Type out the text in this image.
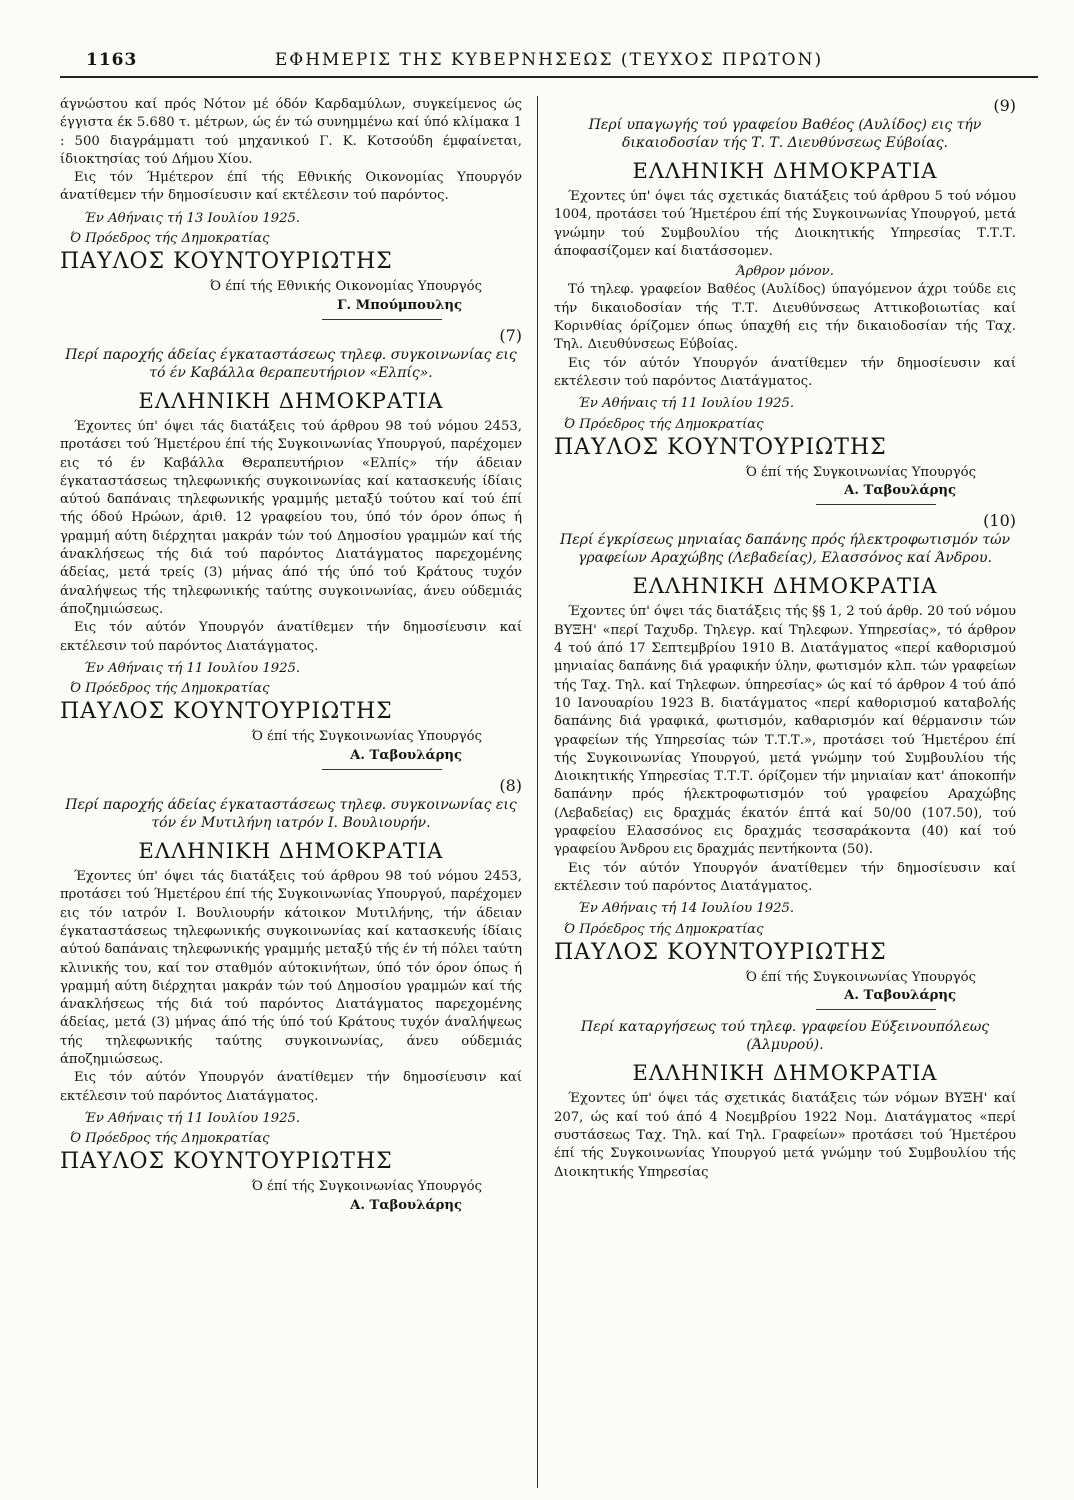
1163	ΕΦΗΜΕΡΙΣ ΤΗΣ ΚΥΒΕΡΝΗΣΕΩΣ (ΤΕΥΧΟΣ ΠΡΩΤΟΝ)

άγνώστου καί πρός Νότον μέ όδόν Καρδαμύλων, συγκείμενος ώς έγγιστα έκ 5.680 τ. μέτρων, ώς έν τώ συνημμένω καί ύπό κλίμακα 1 : 500 διαγράμματι τού μηχανικού Γ. Κ. Κοτσούδη έμφαίνεται, ίδιοκτησίας τού Δήμου Χίου.

Εις τόν Ήμέτερον έπί τής Εθνικής Οικονομίας Υπουργόν άνατίθεμεν τήν δημοσίευσιν καί εκτέλεσιν τού παρόντος.

Έν Αθήναις τή 13 Ιουλίου 1925.

Ό Πρόεδρος τής Δημοκρατίας

ΠΑΥΛΟΣ ΚΟΥΝΤΟΥΡΙΩΤΗΣ

Ό έπί τής Εθνικής Οικονομίας Υπουργός

Γ. Μπούμπουλης

(7)

Περί παροχής άδείας έγκαταστάσεως τηλεφ. συγκοινωνίας εις τό έν Καβάλλα θεραπευτήριον «Ελπίς».

ΕΛΛΗΝΙΚΗ ΔΗΜΟΚΡΑΤΙΑ

Έχοντες ύπ' όψει τάς διατάξεις τού άρθρου 98 τού νόμου 2453, προτάσει τού Ήμετέρου έπί τής Συγκοινωνίας Υπουργού, παρέχομεν εις τό έν Καβάλλα Θεραπευτήριον «Ελπίς» τήν άδειαν έγκαταστάσεως τηλεφωνικής συγκοινωνίας καί κατασκευής ίδίαις αύτού δαπάναις τηλεφωνικής γραμμής μεταξύ τούτου καί τού έπί τής όδού Ηρώων, άριθ. 12 γραφείου του, ύπό τόν όρον όπως ή γραμμή αύτη διέρχηται μακράν τών τού Δημοσίου γραμμών καί τής άνακλήσεως τής διά τού παρόντος Διατάγματος παρεχομένης άδείας, μετά τρείς (3) μήνας άπό τής ύπό τού Κράτους τυχόν άναλήψεως τής τηλεφωνικής ταύτης συγκοινωνίας, άνευ ούδεμιάς άποζημιώσεως.

Εις τόν αύτόν Υπουργόν άνατίθεμεν τήν δημοσίευσιν καί εκτέλεσιν τού παρόντος Διατάγματος.

Έν Αθήναις τή 11 Ιουλίου 1925.

Ό Πρόεδρος τής Δημοκρατίας

ΠΑΥΛΟΣ ΚΟΥΝΤΟΥΡΙΩΤΗΣ

Ό έπί τής Συγκοινωνίας Υπουργός

Α. Ταβουλάρης

(8)

Περί παροχής άδείας έγκαταστάσεως τηλεφ. συγκοινωνίας εις τόν έν Μυτιλήνη ιατρόν Ι. Βουλιουρήν.

ΕΛΛΗΝΙΚΗ ΔΗΜΟΚΡΑΤΙΑ

Έχοντες ύπ' όψει τάς διατάξεις τού άρθρου 98 τού νόμου 2453, προτάσει τού Ήμετέρου έπί τής Συγκοινωνίας Υπουργού, παρέχομεν εις τόν ιατρόν Ι. Βουλιουρήν κάτοικον Μυτιλήνης, τήν άδειαν έγκαταστάσεως τηλεφωνικής συγκοινωνίας καί κατασκευής ίδίαις αύτού δαπάναις τηλεφωνικής γραμμής μεταξύ τής έν τή πόλει ταύτη κλινικής του, καί τον σταθμόν αύτοκινήτων, ύπό τόν όρον όπως ή γραμμή αύτη διέρχηται μακράν τών τού Δημοσίου γραμμών καί τής άνακλήσεως τής διά τού παρόντος Διατάγματος παρεχομένης άδείας, μετά (3) μήνας άπό τής ύπό τού Κράτους τυχόν άναλήψεως τής τηλεφωνικής ταύτης συγκοινωνίας, άνευ ούδεμιάς άποζημιώσεως.

Εις τόν αύτόν Υπουργόν άνατίθεμεν τήν δημοσίευσιν καί εκτέλεσιν τού παρόντος Διατάγματος.

Έν Αθήναις τή 11 Ιουλίου 1925.

Ό Πρόεδρος τής Δημοκρατίας

ΠΑΥΛΟΣ ΚΟΥΝΤΟΥΡΙΩΤΗΣ

Ό έπί τής Συγκοινωνίας Υπουργός

Α. Ταβουλάρης

(9)

Περί υπαγωγής τού γραφείου Βαθέος (Αυλίδος) εις τήν δικαιοδοσίαν τής Τ. Τ. Διευθύνσεως Εύβοίας.

ΕΛΛΗΝΙΚΗ ΔΗΜΟΚΡΑΤΙΑ

Έχοντες ύπ' όψει τάς σχετικάς διατάξεις τού άρθρου 5 τού νόμου 1004, προτάσει τού Ήμετέρου έπί τής Συγκοινωνίας Υπουργού, μετά γνώμην τού Συμβουλίου τής Διοικητικής Υπηρεσίας Τ.Τ.Τ. άποφασίζομεν καί διατάσσομεν.

Άρθρον μόνον.

Τό τηλεφ. γραφείον Βαθέος (Αυλίδος) ύπαγόμενον άχρι τούδε εις τήν δικαιοδοσίαν τής Τ.Τ. Διευθύνσεως Αττικοβοιωτίας καί Κορινθίας όρίζομεν όπως ύπαχθή εις τήν δικαιοδοσίαν τής Ταχ. Τηλ. Διευθύνσεως Εύβοίας.

Εις τόν αύτόν Υπουργόν άνατίθεμεν τήν δημοσίευσιν καί εκτέλεσιν τού παρόντος Διατάγματος.

Έν Αθήναις τή 11 Ιουλίου 1925.

Ό Πρόεδρος τής Δημοκρατίας

ΠΑΥΛΟΣ ΚΟΥΝΤΟΥΡΙΩΤΗΣ

Ό έπί τής Συγκοινωνίας Υπουργός

Α. Ταβουλάρης

(10)

Περί έγκρίσεως μηνιαίας δαπάνης πρός ήλεκτροφωτισμόν τών γραφείων Αραχώβης (Λεβαδείας), Ελασσόνος καί Άνδρου.

ΕΛΛΗΝΙΚΗ ΔΗΜΟΚΡΑΤΙΑ

Έχοντες ύπ' όψει τάς διατάξεις τής §§ 1, 2 τού άρθρ. 20 τού νόμου ΒΥΞΗ' «περί Ταχυδρ. Τηλεγρ. καί Τηλεφων. Υπηρεσίας», τό άρθρον 4 τού άπό 17 Σεπτεμβρίου 1910 Β. Διατάγματος «περί καθορισμού μηνιαίας δαπάνης διά γραφικήν ύλην, φωτισμόν κλπ. τών γραφείων τής Ταχ. Τηλ. καί Τηλεφων. ύπηρεσίας» ώς καί τό άρθρον 4 τού άπό 10 Ιανουαρίου 1923 Β. διατάγματος «περί καθορισμού καταβολής δαπάνης διά γραφικά, φωτισμόν, καθαρισμόν καί θέρμανσιν τών γραφείων τής Υπηρεσίας τών Τ.Τ.Τ.», προτάσει τού Ήμετέρου έπί τής Συγκοινωνίας Υπουργού, μετά γνώμην τού Συμβουλίου τής Διοικητικής Υπηρεσίας Τ.Τ.Τ. όρίζομεν τήν μηνιαίαν κατ' άποκοπήν δαπάνην πρός ήλεκτροφωτισμόν τού γραφείου Αραχώβης (Λεβαδείας) εις δραχμάς έκατόν έπτά καί 50/00 (107.50), τού γραφείου Ελασσόνος εις δραχμάς τεσσαράκοντα (40) καί τού γραφείου Άνδρου εις δραχμάς πεντήκοντα (50).

Εις τόν αύτόν Υπουργόν άνατίθεμεν τήν δημοσίευσιν καί εκτέλεσιν τού παρόντος Διατάγματος.

Έν Αθήναις τή 14 Ιουλίου 1925.

Ό Πρόεδρος τής Δημοκρατίας

ΠΑΥΛΟΣ ΚΟΥΝΤΟΥΡΙΩΤΗΣ

Ό έπί τής Συγκοινωνίας Υπουργός

Α. Ταβουλάρης

Περί καταργήσεως τού τηλεφ. γραφείου Εύξεινουπόλεως (Άλμυρού).

ΕΛΛΗΝΙΚΗ ΔΗΜΟΚΡΑΤΙΑ

Έχοντες ύπ' όψει τάς σχετικάς διατάξεις τών νόμων ΒΥΞΗ' καί 207, ώς καί τού άπό 4 Νοεμβρίου 1922 Νομ. Διατάγματος «περί συστάσεως Ταχ. Τηλ. καί Τηλ. Γραφείων» προτάσει τού Ήμετέρου έπί τής Συγκοινωνίας Υπουργού μετά γνώμην τού Συμβουλίου τής Διοικητικής Υπηρεσίας
